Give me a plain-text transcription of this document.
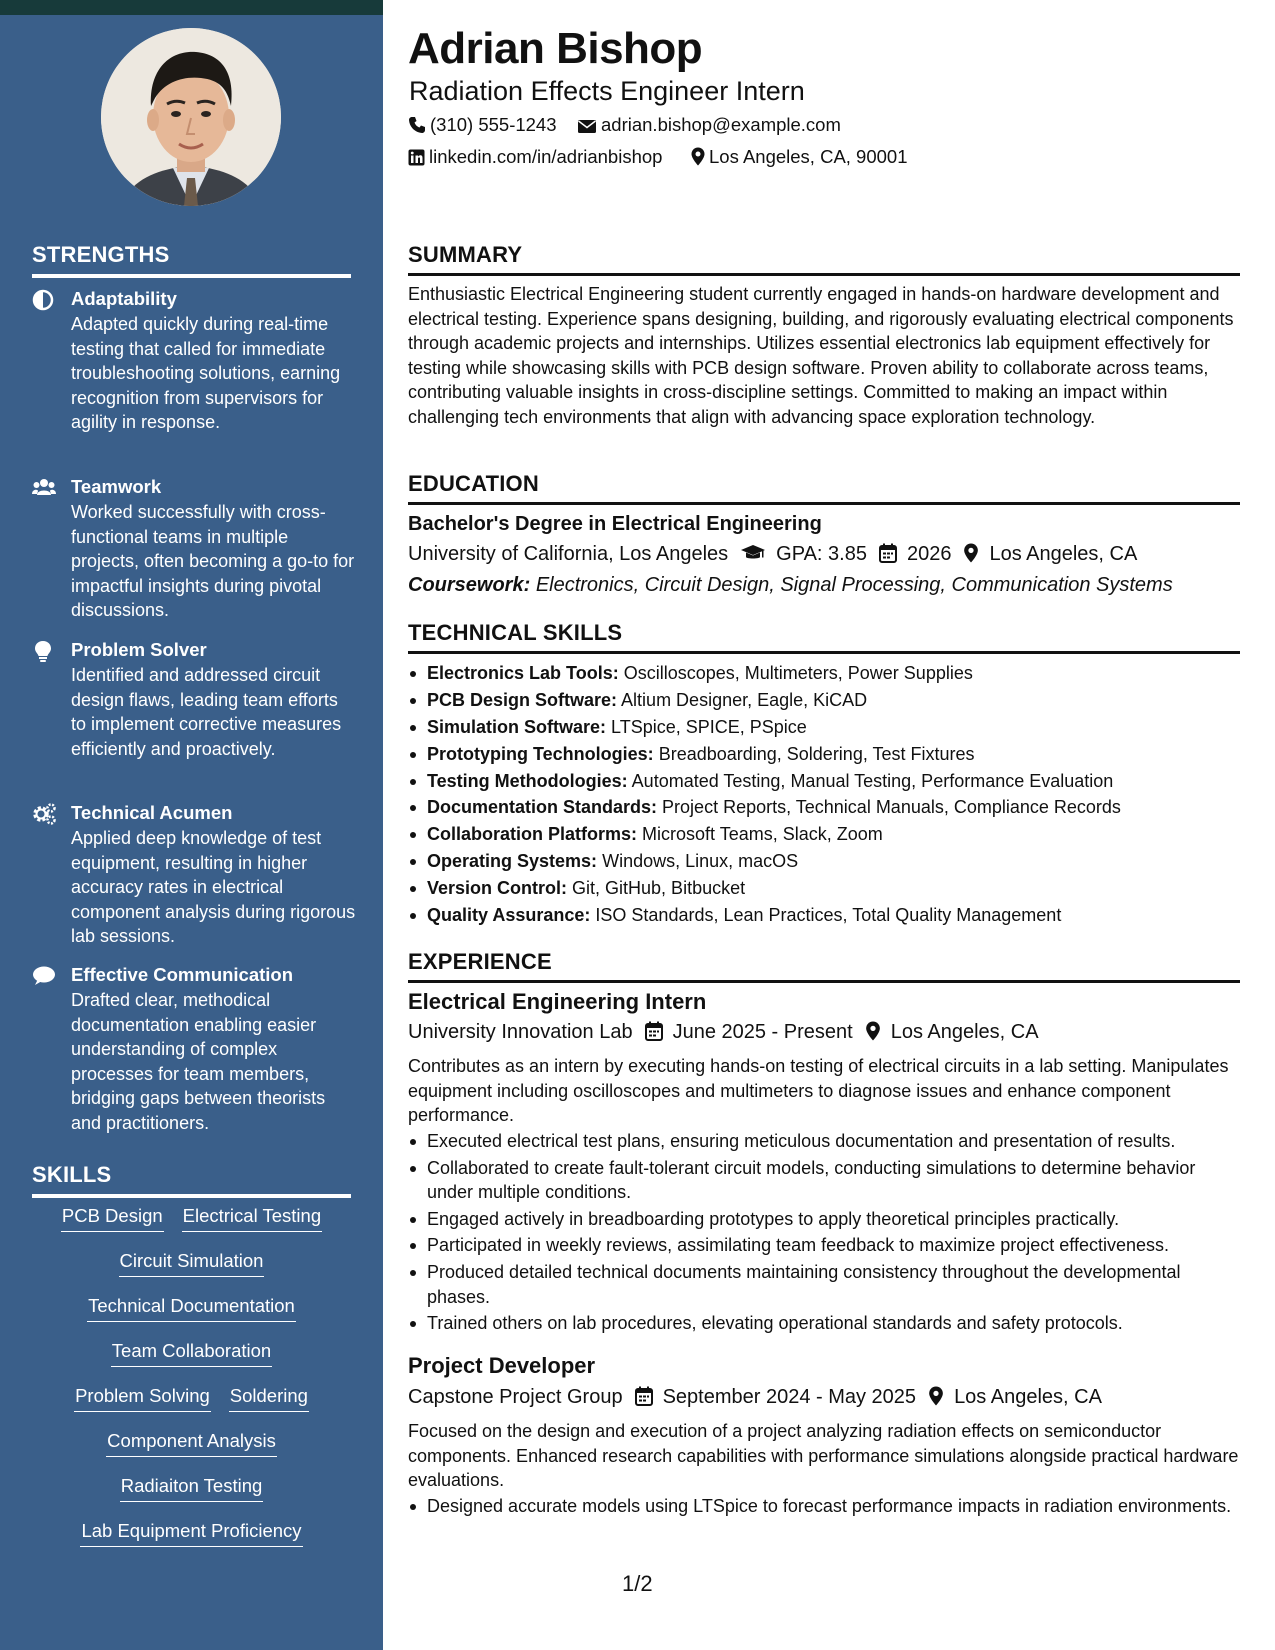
STRENGTHS
Adaptability
Adapted quickly during real-time testing that called for immediate troubleshooting solutions, earning recognition from supervisors for agility in response.
Teamwork
Worked successfully with cross-functional teams in multiple projects, often becoming a go-to for impactful insights during pivotal discussions.
Problem Solver
Identified and addressed circuit design flaws, leading team efforts to implement corrective measures efficiently and proactively.
Technical Acumen
Applied deep knowledge of test equipment, resulting in higher accuracy rates in electrical component analysis during rigorous lab sessions.
Effective Communication
Drafted clear, methodical documentation enabling easier understanding of complex processes for team members, bridging gaps between theorists and practitioners.
SKILLS
PCB Design Electrical Testing
Circuit Simulation
Technical Documentation
Team Collaboration
Problem Solving Soldering
Component Analysis
Radiaiton Testing
Lab Equipment Proficiency
Adrian Bishop
Radiation Effects Engineer Intern
(310) 555-1243	adrian.bishop@example.com
linkedin.com/in/adrianbishop	Los Angeles, CA, 90001
SUMMARY
Enthusiastic Electrical Engineering student currently engaged in hands-on hardware development and electrical testing. Experience spans designing, building, and rigorously evaluating electrical components through academic projects and internships. Utilizes essential electronics lab equipment effectively for testing while showcasing skills with PCB design software. Proven ability to collaborate across teams, contributing valuable insights in cross-discipline settings. Committed to making an impact within challenging tech environments that align with advancing space exploration technology.
EDUCATION
Bachelor's Degree in Electrical Engineering
University of California, Los Angeles GPA: 3.85 2026 Los Angeles, CA
Coursework: Electronics, Circuit Design, Signal Processing, Communication Systems
TECHNICAL SKILLS
Electronics Lab Tools: Oscilloscopes, Multimeters, Power Supplies
PCB Design Software: Altium Designer, Eagle, KiCAD
Simulation Software: LTSpice, SPICE, PSpice
Prototyping Technologies: Breadboarding, Soldering, Test Fixtures
Testing Methodologies: Automated Testing, Manual Testing, Performance Evaluation
Documentation Standards: Project Reports, Technical Manuals, Compliance Records
Collaboration Platforms: Microsoft Teams, Slack, Zoom
Operating Systems: Windows, Linux, macOS
Version Control: Git, GitHub, Bitbucket
Quality Assurance: ISO Standards, Lean Practices, Total Quality Management
EXPERIENCE
Electrical Engineering Intern
University Innovation Lab June 2025 - Present Los Angeles, CA
Contributes as an intern by executing hands-on testing of electrical circuits in a lab setting. Manipulates equipment including oscilloscopes and multimeters to diagnose issues and enhance component performance.
Executed electrical test plans, ensuring meticulous documentation and presentation of results.
Collaborated to create fault-tolerant circuit models, conducting simulations to determine behavior under multiple conditions.
Engaged actively in breadboarding prototypes to apply theoretical principles practically.
Participated in weekly reviews, assimilating team feedback to maximize project effectiveness.
Produced detailed technical documents maintaining consistency throughout the developmental phases.
Trained others on lab procedures, elevating operational standards and safety protocols.
Project Developer
Capstone Project Group September 2024 - May 2025 Los Angeles, CA
Focused on the design and execution of a project analyzing radiation effects on semiconductor components. Enhanced research capabilities with performance simulations alongside practical hardware evaluations.
Designed accurate models using LTSpice to forecast performance impacts in radiation environments.
1/2
